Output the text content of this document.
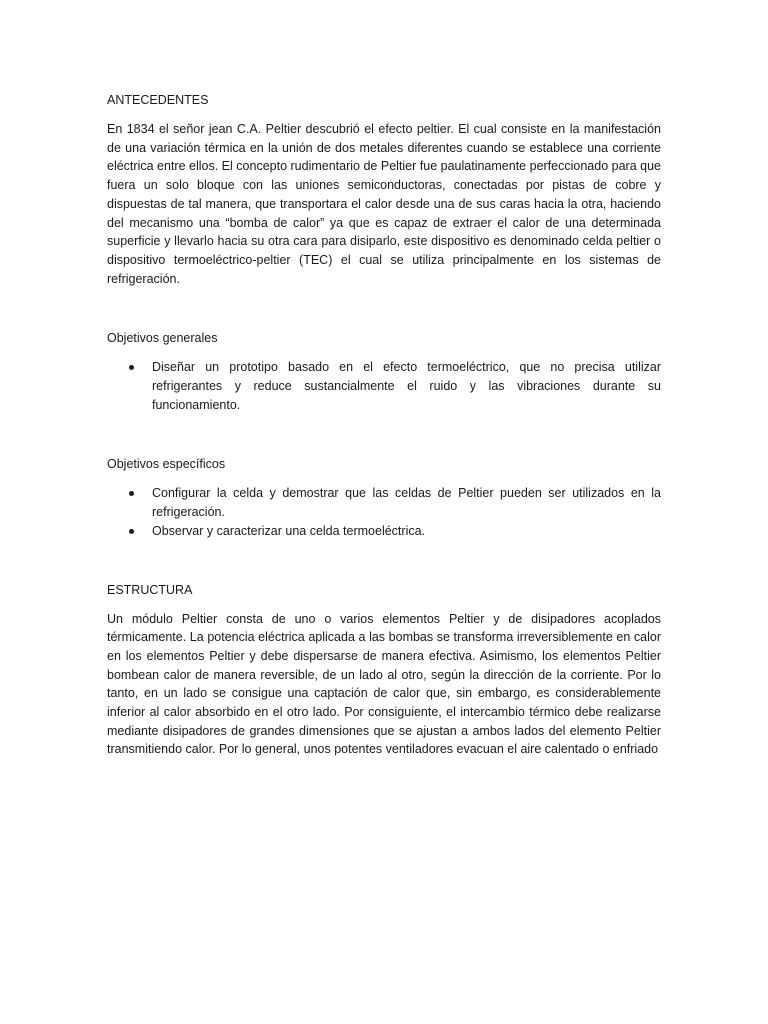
ANTECEDENTES

En 1834 el señor jean C.A. Peltier descubrió el efecto peltier. El cual consiste en la manifestación de una variación térmica en la unión de dos metales diferentes cuando se establece una corriente eléctrica entre ellos. El concepto rudimentario de Peltier fue paulatinamente perfeccionado para que fuera un solo bloque con las uniones semiconductoras, conectadas por pistas de cobre y dispuestas de tal manera, que transportara el calor desde una de sus caras hacia la otra, haciendo del mecanismo una “bomba de calor” ya que es capaz de extraer el calor de una determinada superficie y llevarlo hacia su otra cara para disiparlo, este dispositivo es denominado celda peltier o dispositivo termoeléctrico-peltier (TEC) el cual se utiliza principalmente en los sistemas de refrigeración.

Objetivos generales
Diseñar un prototipo basado en el efecto termoeléctrico, que no precisa utilizar refrigerantes y reduce sustancialmente el ruido y las vibraciones durante su funcionamiento.
Objetivos específicos
Configurar la celda y demostrar que las celdas de Peltier pueden ser utilizados en la refrigeración.
Observar y caracterizar una celda termoeléctrica.
ESTRUCTURA

Un módulo Peltier consta de uno o varios elementos Peltier y de disipadores acoplados térmicamente. La potencia eléctrica aplicada a las bombas se transforma irreversiblemente en calor en los elementos Peltier y debe dispersarse de manera efectiva. Asimismo, los elementos Peltier bombean calor de manera reversible, de un lado al otro, según la dirección de la corriente. Por lo tanto, en un lado se consigue una captación de calor que, sin embargo, es considerablemente inferior al calor absorbido en el otro lado. Por consiguiente, el intercambio térmico debe realizarse mediante disipadores de grandes dimensiones que se ajustan a ambos lados del elemento Peltier transmitiendo calor. Por lo general, unos potentes ventiladores evacuan el aire calentado o enfriado
